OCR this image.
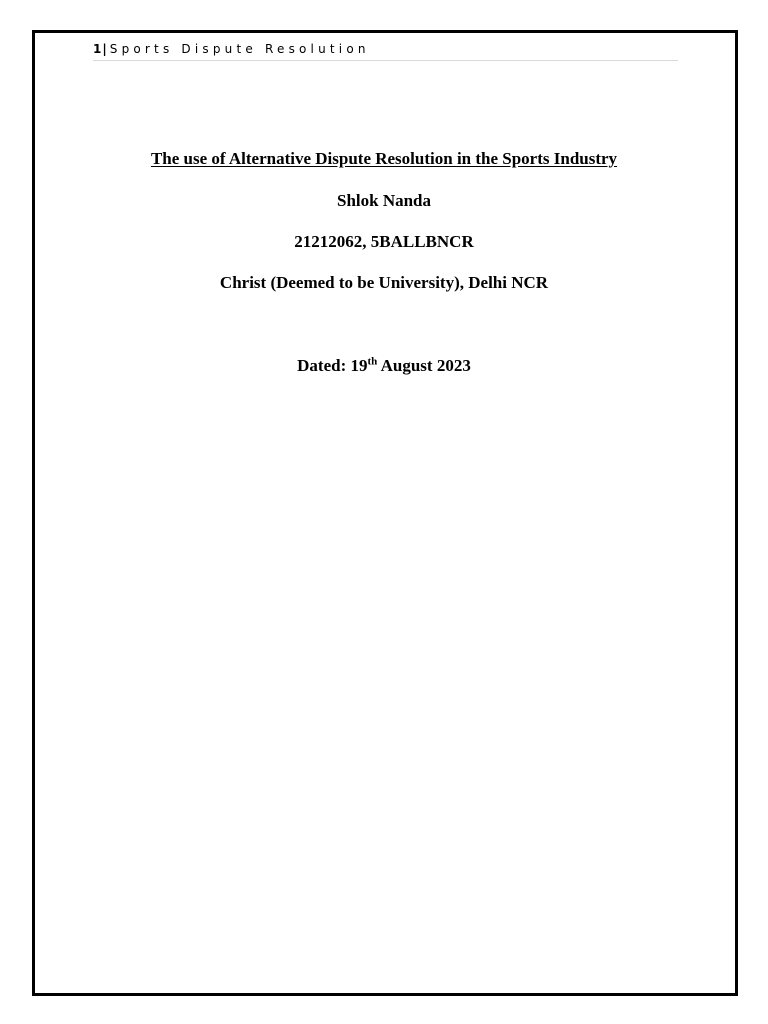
1| Sports Dispute Resolution
The use of Alternative Dispute Resolution in the Sports Industry
Shlok Nanda
21212062, 5BALLBNCR
Christ (Deemed to be University), Delhi NCR
Dated: 19th August 2023
